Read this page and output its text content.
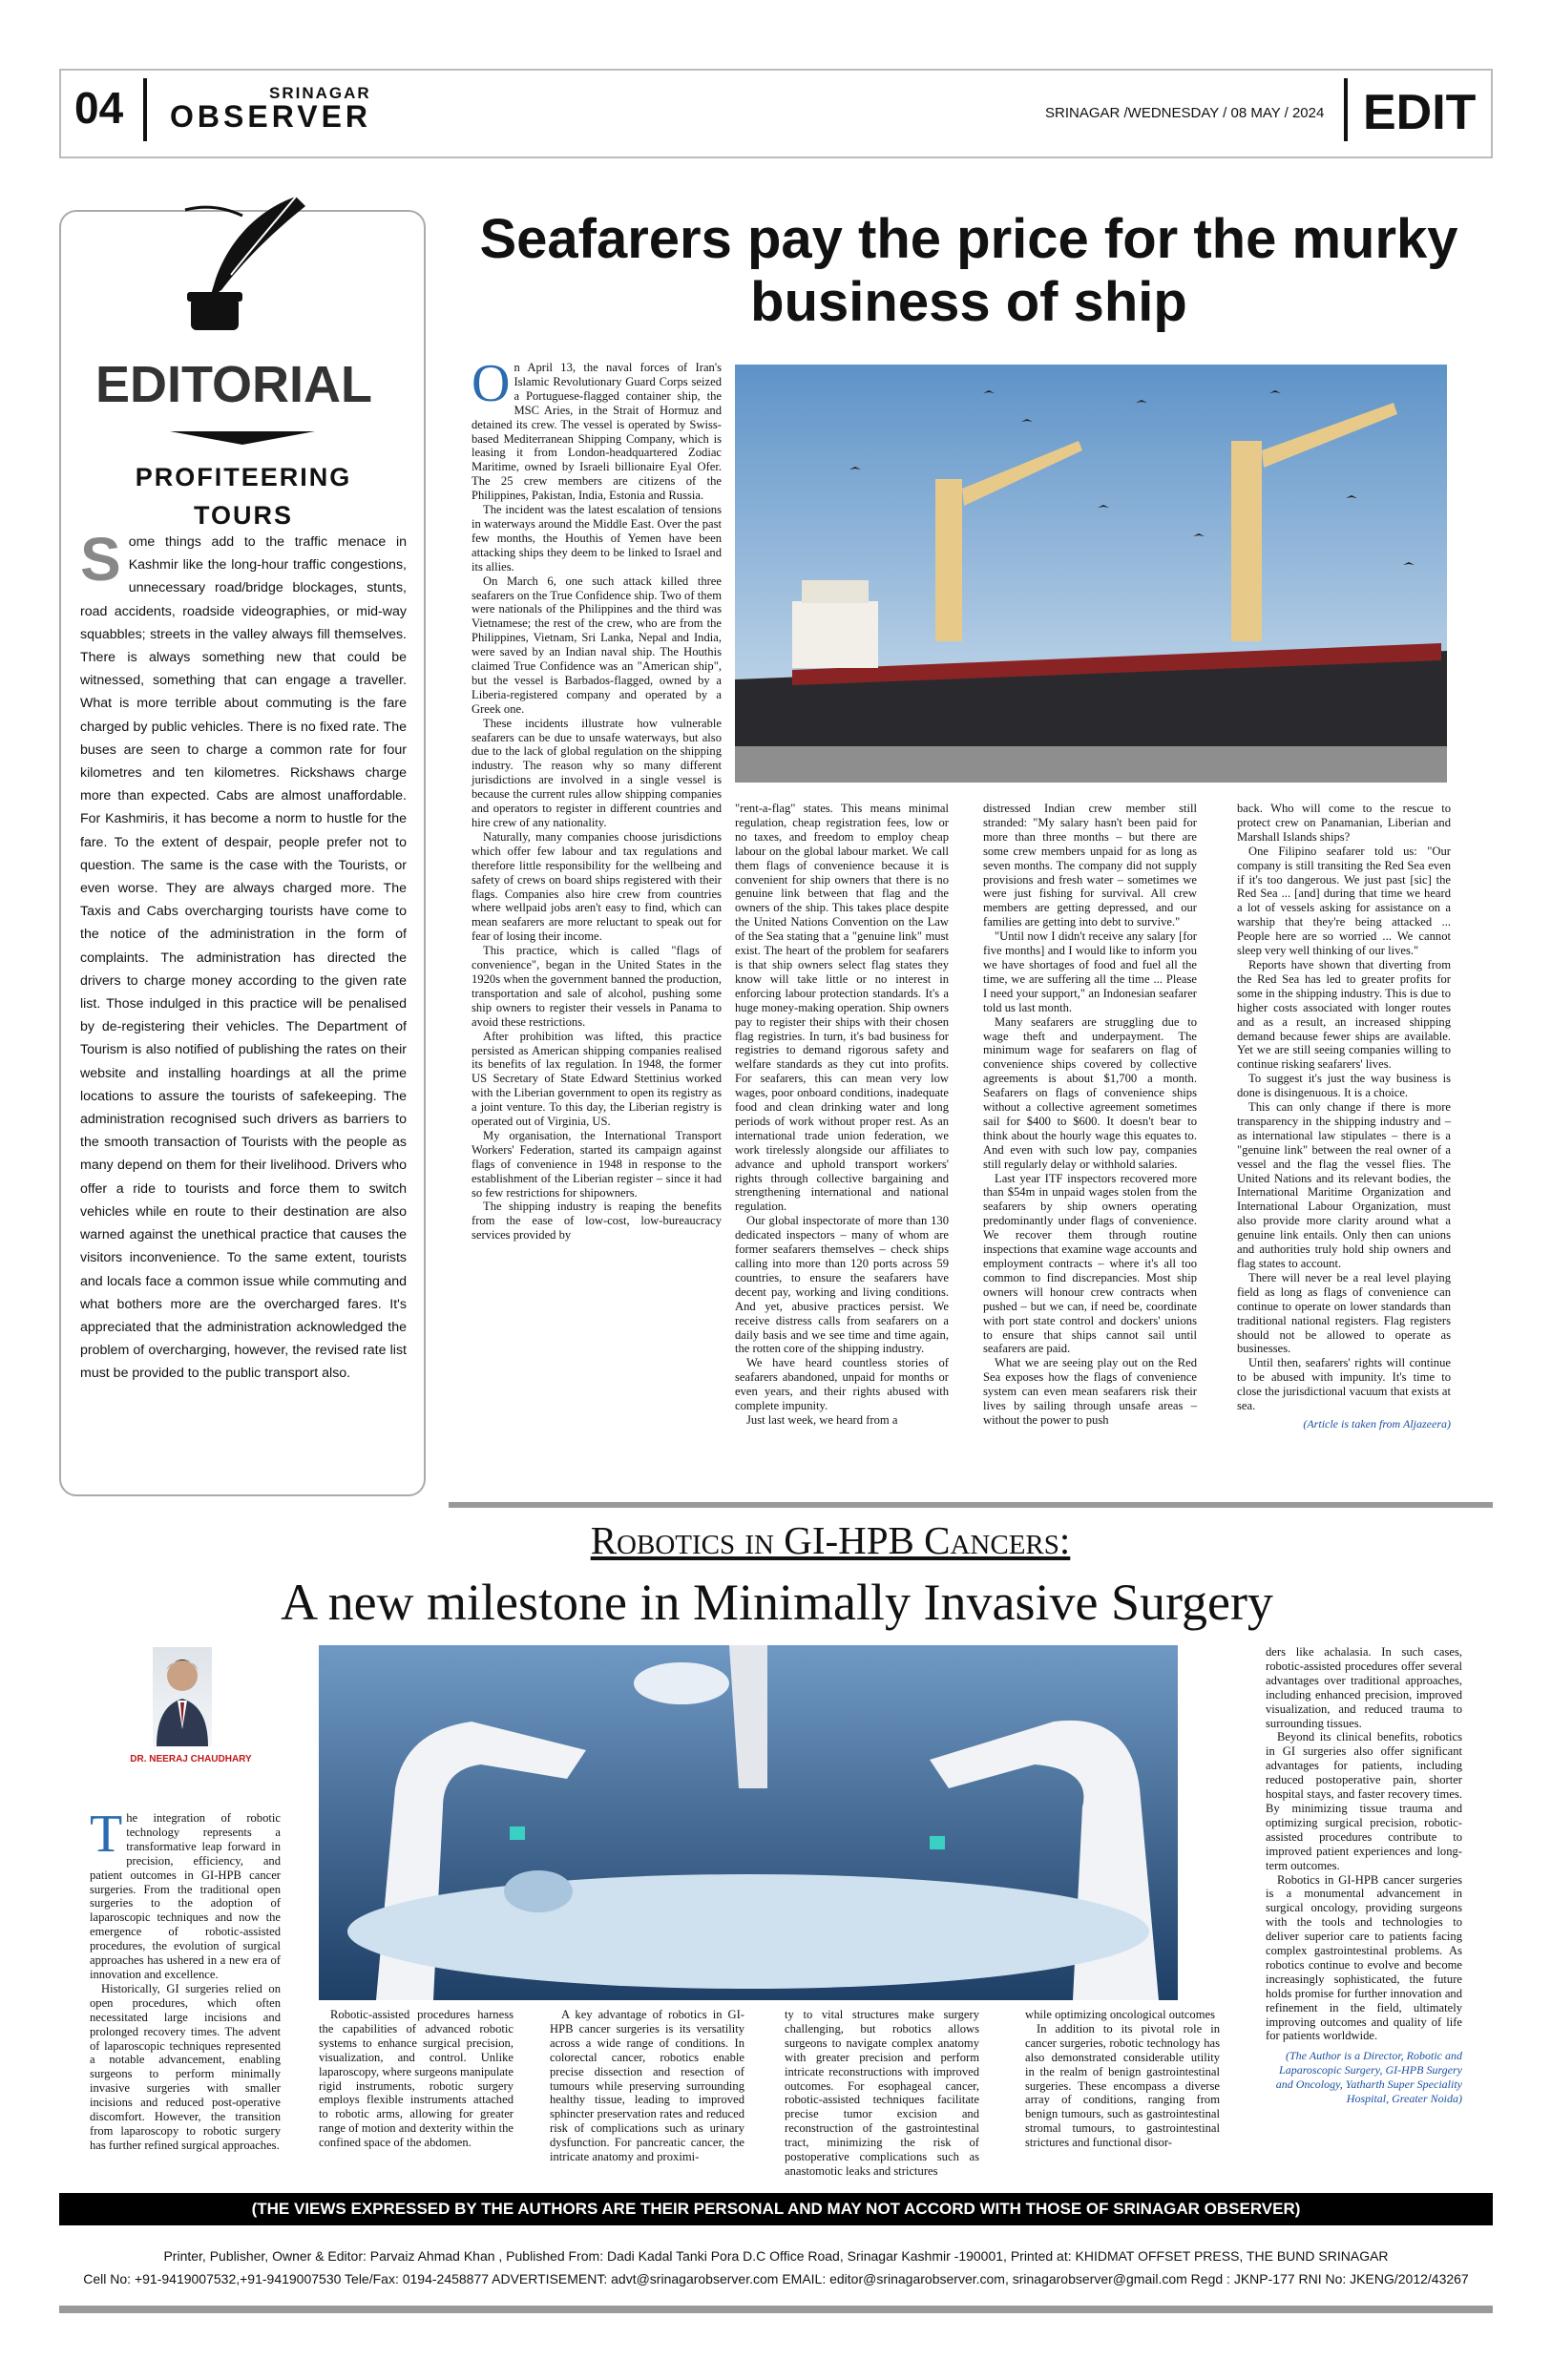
04	SRINAGAR
OBSERVER	SRINAGAR /WEDNESDAY / 08 MAY / 2024 EDIT
EDITORIAL
PROFITEERING
TOURS
Some things add to the traffic menace in Kashmir like the long-hour traffic congestions, unnecessary road/bridge blockages, stunts, road accidents, roadside videographies, or mid-way squabbles; streets in the valley always fill themselves. There is always something new that could be witnessed, something that can engage a traveller. What is more terrible about commuting is the fare charged by public vehicles. There is no fixed rate. The buses are seen to charge a common rate for four kilometres and ten kilometres. Rickshaws charge more than expected. Cabs are almost unaffordable. For Kashmiris, it has become a norm to hustle for the fare. To the extent of despair, people prefer not to question. The same is the case with the Tourists, or even worse. They are always charged more. The Taxis and Cabs overcharging tourists have come to the notice of the administration in the form of complaints. The administration has directed the drivers to charge money according to the given rate list. Those indulged in this practice will be penalised by de-registering their vehicles. The Department of Tourism is also notified of publishing the rates on their website and installing hoardings at all the prime locations to assure the tourists of safekeeping. The administration recognised such drivers as barriers to the smooth transaction of Tourists with the people as many depend on them for their livelihood. Drivers who offer a ride to tourists and force them to switch vehicles while en route to their destination are also warned against the unethical practice that causes the visitors inconvenience. To the same extent, tourists and locals face a common issue while commuting and what bothers more are the overcharged fares. It's appreciated that the administration acknowledged the problem of overcharging, however, the revised rate list must be provided to the public transport also.
Seafarers pay the price for the murky business of ship
O n April 13, the naval forces of Iran's Islamic Revolutionary Guard Corps seized a Portuguese-flagged container ship, the MSC Aries, in the Strait of Hormuz and detained its crew. The vessel is operated by Swiss-based Mediterranean Shipping Company, which is leasing it from London-headquartered Zodiac Maritime, owned by Israeli billionaire Eyal Ofer. The 25 crew members are citizens of the Philippines, Pakistan, India, Estonia and Russia.

The incident was the latest escalation of tensions in waterways around the Middle East. Over the past few months, the Houthis of Yemen have been attacking ships they deem to be linked to Israel and its allies.

On March 6, one such attack killed three seafarers on the True Confidence ship. Two of them were nationals of the Philippines and the third was Vietnamese; the rest of the crew, who are from the Philippines, Vietnam, Sri Lanka, Nepal and India, were saved by an Indian naval ship. The Houthis claimed True Confidence was an "American ship", but the vessel is Barbados-flagged, owned by a Liberia-registered company and operated by a Greek one.

These incidents illustrate how vulnerable seafarers can be due to unsafe waterways, but also due to the lack of global regulation on the shipping industry. The reason why so many different jurisdictions are involved in a single vessel is because the current rules allow shipping companies and operators to register in different countries and hire crew of any nationality.

Naturally, many companies choose jurisdictions which offer few labour and tax regulations and therefore little responsibility for the wellbeing and safety of crews on board ships registered with their flags. Companies also hire crew from countries where wellpaid jobs aren't easy to find, which can mean seafarers are more reluctant to speak out for fear of losing their income.

This practice, which is called "flags of convenience", began in the United States in the 1920s when the government banned the production, transportation and sale of alcohol, pushing some ship owners to register their vessels in Panama to avoid these restrictions.

After prohibition was lifted, this practice persisted as American shipping companies realised its benefits of lax regulation. In 1948, the former US Secretary of State Edward Stettinius worked with the Liberian government to open its registry as a joint venture. To this day, the Liberian registry is operated out of Virginia, US.

My organisation, the International Transport Workers' Federation, started its campaign against flags of convenience in 1948 in response to the establishment of the Liberian register – since it had so few restrictions for shipowners.

The shipping industry is reaping the benefits from the ease of low-cost, low-bureaucracy services provided by

"rent-a-flag" states. This means minimal regulation, cheap registration fees, low or no taxes, and freedom to employ cheap labour on the global labour market. We call them flags of convenience because it is convenient for ship owners that there is no genuine link between that flag and the owners of the ship. This takes place despite the United Nations Convention on the Law of the Sea stating that a "genuine link" must exist. The heart of the problem for seafarers is that ship owners select flag states they know will take little or no interest in enforcing labour protection standards. It's a huge money-making operation. Ship owners pay to register their ships with their chosen flag registries. In turn, it's bad business for registries to demand rigorous safety and welfare standards as they cut into profits. For seafarers, this can mean very low wages, poor onboard conditions, inadequate food and clean drinking water and long periods of work without proper rest. As an international trade union federation, we work tirelessly alongside our affiliates to advance and uphold transport workers' rights through collective bargaining and strengthening international and national regulation.

Our global inspectorate of more than 130 dedicated inspectors – many of whom are former seafarers themselves – check ships calling into more than 120 ports across 59 countries, to ensure the seafarers have decent pay, working and living conditions. And yet, abusive practices persist. We receive distress calls from seafarers on a daily basis and we see time and time again, the rotten core of the shipping industry.

We have heard countless stories of seafarers abandoned, unpaid for months or even years, and their rights abused with complete impunity.

Just last week, we heard from a

distressed Indian crew member still stranded: "My salary hasn't been paid for more than three months – but there are some crew members unpaid for as long as seven months. The company did not supply provisions and fresh water – sometimes we were just fishing for survival. All crew members are getting depressed, and our families are getting into debt to survive."

"Until now I didn't receive any salary [for five months] and I would like to inform you we have shortages of food and fuel all the time, we are suffering all the time ... Please I need your support," an Indonesian seafarer told us last month.

Many seafarers are struggling due to wage theft and underpayment. The minimum wage for seafarers on flag of convenience ships covered by collective agreements is about $1,700 a month. Seafarers on flags of convenience ships without a collective agreement sometimes sail for $400 to $600. It doesn't bear to think about the hourly wage this equates to. And even with such low pay, companies still regularly delay or withhold salaries.

Last year ITF inspectors recovered more than $54m in unpaid wages stolen from the seafarers by ship owners operating predominantly under flags of convenience. We recover them through routine inspections that examine wage accounts and employment contracts – where it's all too common to find discrepancies. Most ship owners will honour crew contracts when pushed – but we can, if need be, coordinate with port state control and dockers' unions to ensure that ships cannot sail until seafarers are paid.

What we are seeing play out on the Red Sea exposes how the flags of convenience system can even mean seafarers risk their lives by sailing through unsafe areas – without the power to push

back. Who will come to the rescue to protect crew on Panamanian, Liberian and Marshall Islands ships?

One Filipino seafarer told us: "Our company is still transiting the Red Sea even if it's too dangerous. We just past [sic] the Red Sea ... [and] during that time we heard a lot of vessels asking for assistance on a warship that they're being attacked ... People here are so worried ... We cannot sleep very well thinking of our lives."

Reports have shown that diverting from the Red Sea has led to greater profits for some in the shipping industry. This is due to higher costs associated with longer routes and as a result, an increased shipping demand because fewer ships are available. Yet we are still seeing companies willing to continue risking seafarers' lives.

To suggest it's just the way business is done is disingenuous. It is a choice.

This can only change if there is more transparency in the shipping industry and – as international law stipulates – there is a "genuine link" between the real owner of a vessel and the flag the vessel flies. The United Nations and its relevant bodies, the International Maritime Organization and International Labour Organization, must also provide more clarity around what a genuine link entails. Only then can unions and authorities truly hold ship owners and flag states to account.

There will never be a real level playing field as long as flags of convenience can continue to operate on lower standards than traditional national registers. Flag registers should not be allowed to operate as businesses.

Until then, seafarers' rights will continue to be abused with impunity. It's time to close the jurisdictional vacuum that exists at sea.

(Article is taken from Aljazeera)

Robotics in GI-HPB Cancers:
A new milestone in Minimally Invasive Surgery
DR. NEERAJ CHAUDHARY
T he integration of robotic technology represents a transformative leap forward in precision, efficiency, and patient outcomes in GI-HPB cancer surgeries. From the traditional open surgeries to the adoption of laparoscopic techniques and now the emergence of robotic-assisted procedures, the evolution of surgical approaches has ushered in a new era of innovation and excellence.

Historically, GI surgeries relied on open procedures, which often necessitated large incisions and prolonged recovery times. The advent of laparoscopic techniques represented a notable advancement, enabling surgeons to perform minimally invasive surgeries with smaller incisions and reduced post-operative discomfort. However, the transition from laparoscopy to robotic surgery has further refined surgical approaches.

Robotic-assisted procedures harness the capabilities of advanced robotic systems to enhance surgical precision, visualization, and control. Unlike laparoscopy, where surgeons manipulate rigid instruments, robotic surgery employs flexible instruments attached to robotic arms, allowing for greater range of motion and dexterity within the confined space of the abdomen.

A key advantage of robotics in GI-HPB cancer surgeries is its versatility across a wide range of conditions. In colorectal cancer, robotics enable precise dissection and resection of tumours while preserving surrounding healthy tissue, leading to improved sphincter preservation rates and reduced risk of complications such as urinary dysfunction. For pancreatic cancer, the intricate anatomy and proximi-

ty to vital structures make surgery challenging, but robotics allows surgeons to navigate complex anatomy with greater precision and perform intricate reconstructions with improved outcomes. For esophageal cancer, robotic-assisted techniques facilitate precise tumor excision and reconstruction of the gastrointestinal tract, minimizing the risk of postoperative complications such as anastomotic leaks and strictures

while optimizing oncological outcomes

In addition to its pivotal role in cancer surgeries, robotic technology has also demonstrated considerable utility in the realm of benign gastrointestinal surgeries. These encompass a diverse array of conditions, ranging from benign tumours, such as gastrointestinal stromal tumours, to gastrointestinal strictures and functional disor-

ders like achalasia. In such cases, robotic-assisted procedures offer several advantages over traditional approaches, including enhanced precision, improved visualization, and reduced trauma to surrounding tissues.

Beyond its clinical benefits, robotics in GI surgeries also offer significant advantages for patients, including reduced postoperative pain, shorter hospital stays, and faster recovery times. By minimizing tissue trauma and optimizing surgical precision, robotic-assisted procedures contribute to improved patient experiences and long-term outcomes.

Robotics in GI-HPB cancer surgeries is a monumental advancement in surgical oncology, providing surgeons with the tools and technologies to deliver superior care to patients facing complex gastrointestinal problems. As robotics continue to evolve and become increasingly sophisticated, the future holds promise for further innovation and refinement in the field, ultimately improving outcomes and quality of life for patients worldwide.

(The Author is a Director, Robotic and Laparoscopic Surgery, GI-HPB Surgery and Oncology, Yatharth Super Speciality Hospital, Greater Noida)

(THE VIEWS EXPRESSED BY THE AUTHORS ARE THEIR PERSONAL AND MAY NOT ACCORD WITH THOSE OF SRINAGAR OBSERVER)
Printer, Publisher, Owner & Editor: Parvaiz Ahmad Khan , Published From: Dadi Kadal Tanki Pora D.C Office Road, Srinagar Kashmir -190001, Printed at: KHIDMAT OFFSET PRESS, THE BUND SRINAGAR
Cell No: +91-9419007532,+91-9419007530 Tele/Fax: 0194-2458877 ADVERTISEMENT: advt@srinagarobserver.com EMAIL: editor@srinagarobserver.com, srinagarobserver@gmail.com Regd : JKNP-177 RNI No: JKENG/2012/43267
